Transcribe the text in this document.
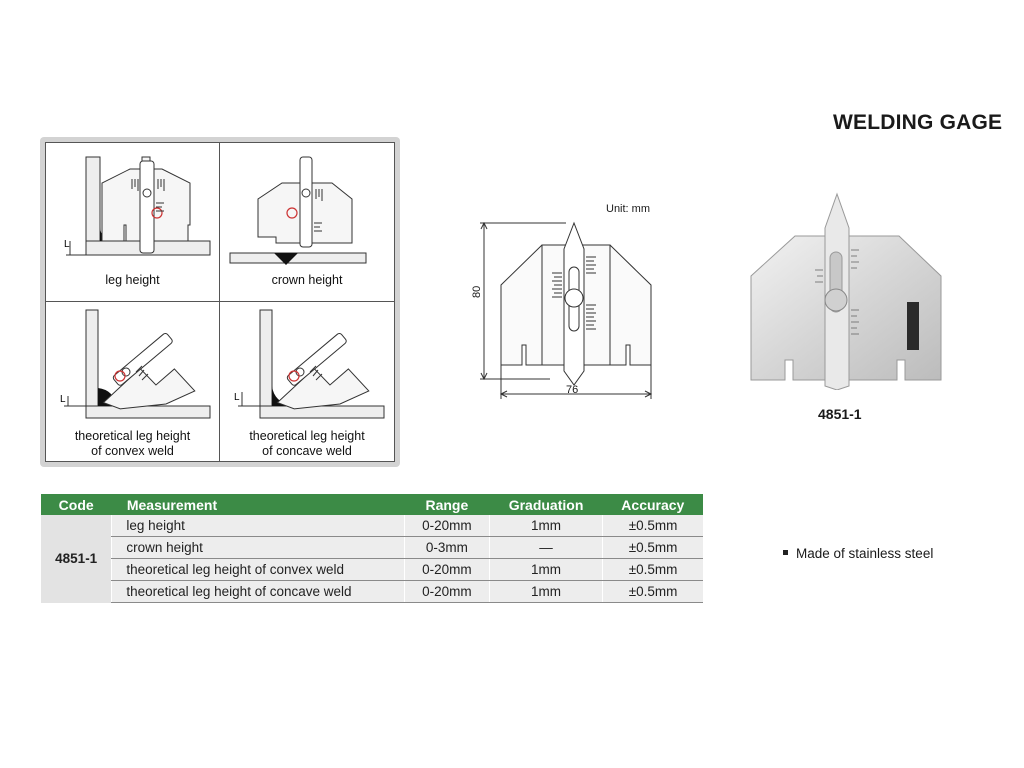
WELDING GAGE
L
leg height	crown height
L
theoretical leg height
of convex weld
L
theoretical leg height
of concave weld
Unit: mm
80
76
4851-1
Code	Measurement	Range	Graduation	Accuracy
4851-1	leg height	0-20mm	1mm	±0.5mm
	crown height	0-3mm	—	±0.5mm
	theoretical leg height of convex weld	0-20mm	1mm	±0.5mm
	theoretical leg height of concave weld	0-20mm	1mm	±0.5mm
Made of stainless steel
